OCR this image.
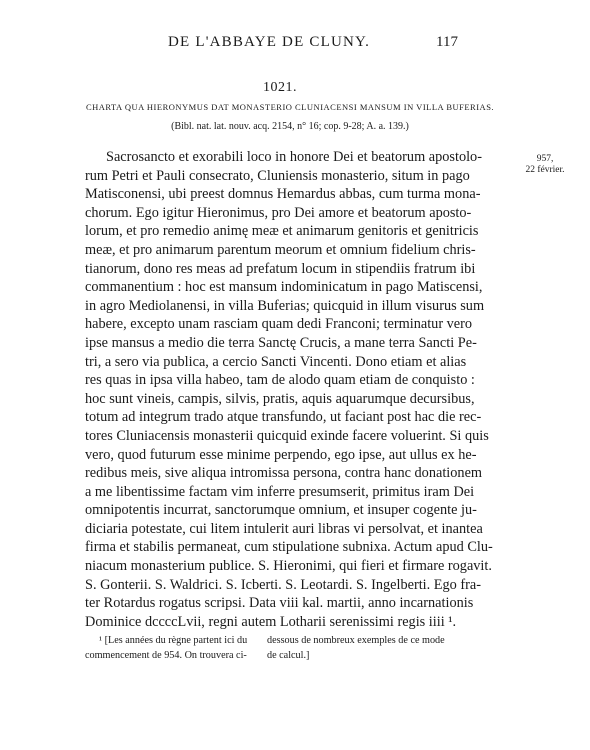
DE L'ABBAYE DE CLUNY.	117
1021.
CHARTA QUA HIERONYMUS DAT MONASTERIO CLUNIACENSI MANSUM IN VILLA BUFERIAS.
(Bibl. nat. lat. nouv. acq. 2154, n° 16; cop. 9-28; A. a. 139.)
957,
22 février.
Sacrosancto et exorabili loco in honore Dei et beatorum apostolo-
rum Petri et Pauli consecrato, Cluniensis monasterio, situm in pago
Matisconensi, ubi preest domnus Hemardus abbas, cum turma mona-
chorum. Ego igitur Hieronimus, pro Dei amore et beatorum aposto-
lorum, et pro remedio animę meæ et animarum genitoris et genitricis
meæ, et pro animarum parentum meorum et omnium fidelium chris-
tianorum, dono res meas ad prefatum locum in stipendiis fratrum ibi
commanentium : hoc est mansum indominicatum in pago Matiscensi,
in agro Mediolanensi, in villa Buferias; quicquid in illum visurus sum
habere, excepto unam rasciam quam dedi Franconi; terminatur vero
ipse mansus a medio die terra Sanctę Crucis, a mane terra Sancti Pe-
tri, a sero via publica, a cercio Sancti Vincenti. Dono etiam et alias
res quas in ipsa villa habeo, tam de alodo quam etiam de conquisto :
hoc sunt vineis, campis, silvis, pratis, aquis aquarumque decursibus,
totum ad integrum trado atque transfundo, ut faciant post hac die rec-
tores Cluniacensis monasterii quicquid exinde facere voluerint. Si quis
vero, quod futurum esse minime perpendo, ego ipse, aut ullus ex he-
redibus meis, sive aliqua intromissa persona, contra hanc donationem
a me libentissime factam vim inferre presumserit, primitus iram Dei
omnipotentis incurrat, sanctorumque omnium, et insuper cogente ju-
diciaria potestate, cui litem intulerit auri libras vi persolvat, et inantea
firma et stabilis permaneat, cum stipulatione subnixa. Actum apud Clu-
niacum monasterium publice. S. Hieronimi, qui fieri et firmare rogavit.
S. Gonterii. S. Waldrici. S. Icberti. S. Leotardi. S. Ingelberti. Ego fra-
ter Rotardus rogatus scripsi. Data viii kal. martii, anno incarnationis
Dominice dccccLvii, regni autem Lotharii serenissimi regis iiii ¹.
¹ [Les années du règne partent ici du
commencement de 954. On trouvera ci-
dessous de nombreux exemples de ce mode
de calcul.]
